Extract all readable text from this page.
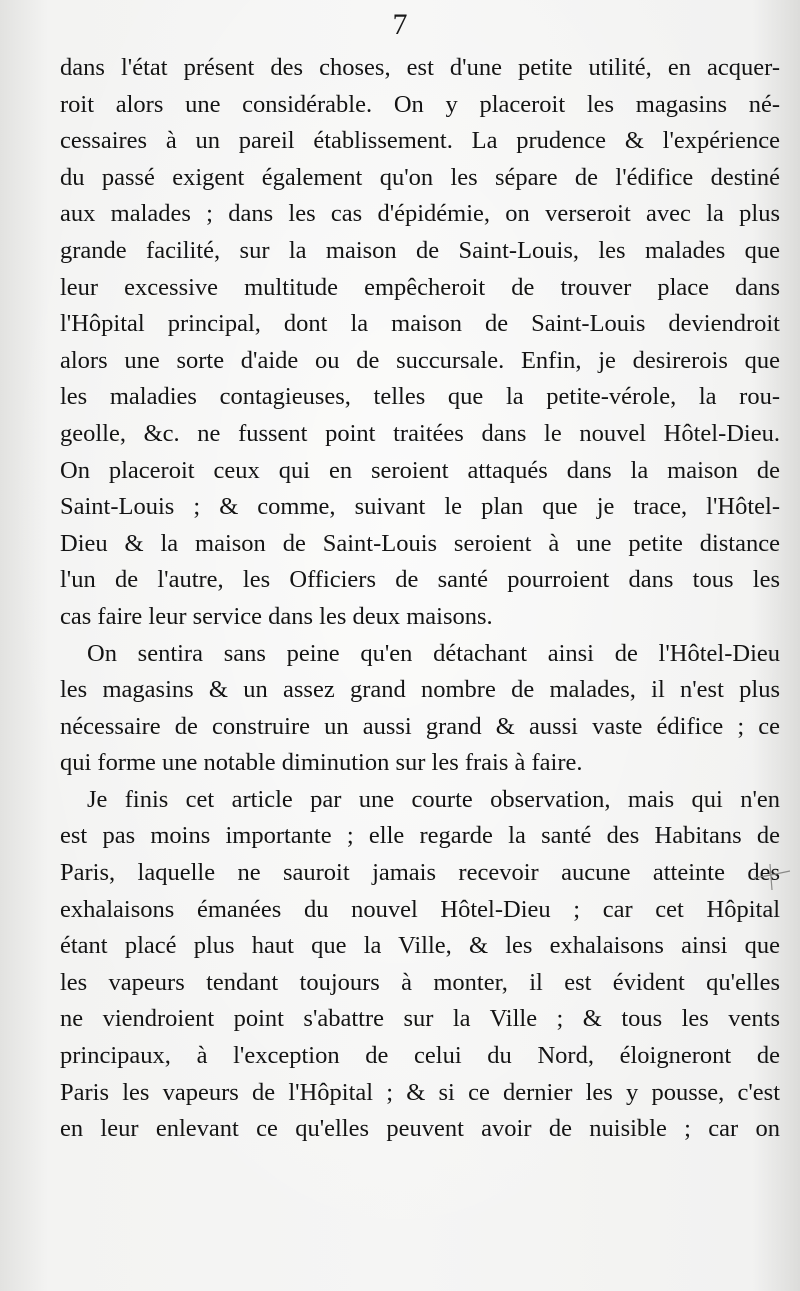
7

dans l'état présent des choses, est d'une petite utilité, en acquer-
roit alors une considérable. On y placeroit les magasins né-
cessaires à un pareil établissement. La prudence & l'expérience
du passé exigent également qu'on les sépare de l'édifice destiné
aux malades ; dans les cas d'épidémie, on verseroit avec la plus
grande facilité, sur la maison de Saint-Louis, les malades que
leur excessive multitude empêcheroit de trouver place dans
l'Hôpital principal, dont la maison de Saint-Louis deviendroit
alors une sorte d'aide ou de succursale. Enfin, je desirerois que
les maladies contagieuses, telles que la petite-vérole, la rou-
geolle, &c. ne fussent point traitées dans le nouvel Hôtel-Dieu.
On placeroit ceux qui en seroient attaqués dans la maison de
Saint-Louis ; & comme, suivant le plan que je trace, l'Hôtel-
Dieu & la maison de Saint-Louis seroient à une petite distance
l'un de l'autre, les Officiers de santé pourroient dans tous les
cas faire leur service dans les deux maisons.

On sentira sans peine qu'en détachant ainsi de l'Hôtel-Dieu
les magasins & un assez grand nombre de malades, il n'est plus
nécessaire de construire un aussi grand & aussi vaste édifice ; ce
qui forme une notable diminution sur les frais à faire.

Je finis cet article par une courte observation, mais qui n'en
est pas moins importante ; elle regarde la santé des Habitans de
Paris, laquelle ne sauroit jamais recevoir aucune atteinte des
exhalaisons émanées du nouvel Hôtel-Dieu ; car cet Hôpital
étant placé plus haut que la Ville, & les exhalaisons ainsi que
les vapeurs tendant toujours à monter, il est évident qu'elles
ne viendroient point s'abattre sur la Ville ; & tous les vents
principaux, à l'exception de celui du Nord, éloigneront de
Paris les vapeurs de l'Hôpital ; & si ce dernier les y pousse, c'est
en leur enlevant ce qu'elles peuvent avoir de nuisible ; car on
